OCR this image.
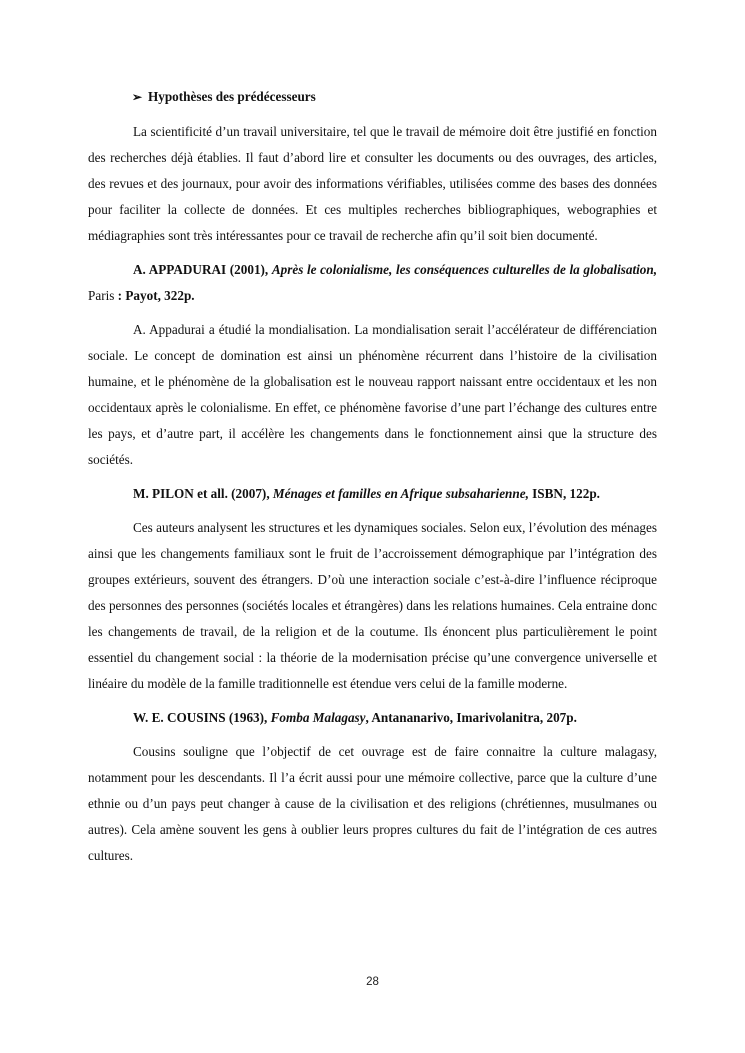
➢ Hypothèses des prédécesseurs

La scientificité d’un travail universitaire, tel que le travail de mémoire doit être justifié en fonction des recherches déjà établies. Il faut d’abord lire et consulter les documents ou des ouvrages, des articles, des revues et des journaux, pour avoir des informations vérifiables, utilisées comme des bases des données pour faciliter la collecte de données. Et ces multiples recherches bibliographiques, webographies et médiagraphies sont très intéressantes pour ce travail de recherche afin qu’il soit bien documenté.

A. APPADURAI (2001), Après le colonialisme, les conséquences culturelles de la globalisation, Paris : Payot, 322p.

A. Appadurai a étudié la mondialisation. La mondialisation serait l’accélérateur de différenciation sociale. Le concept de domination est ainsi un phénomène récurrent dans l’histoire de la civilisation humaine, et le phénomène de la globalisation est le nouveau rapport naissant entre occidentaux et les non occidentaux après le colonialisme. En effet, ce phénomène favorise d’une part l’échange des cultures entre les pays, et d’autre part, il accélère les changements dans le fonctionnement ainsi que la structure des sociétés.

M. PILON et all. (2007), Ménages et familles en Afrique subsaharienne, ISBN, 122p.

Ces auteurs analysent les structures et les dynamiques sociales. Selon eux, l’évolution des ménages ainsi que les changements familiaux sont le fruit de l’accroissement démographique par l’intégration des groupes extérieurs, souvent des étrangers. D’où une interaction sociale c’est-à-dire l’influence réciproque des personnes des personnes (sociétés locales et étrangères) dans les relations humaines. Cela entraine donc les changements de travail, de la religion et de la coutume. Ils énoncent plus particulièrement le point essentiel du changement social : la théorie de la modernisation précise qu’une convergence universelle et linéaire du modèle de la famille traditionnelle est étendue vers celui de la famille moderne.

W. E. COUSINS (1963), Fomba Malagasy, Antananarivo, Imarivolanitra, 207p.

Cousins souligne que l’objectif de cet ouvrage est de faire connaitre la culture malagasy, notamment pour les descendants. Il l’a écrit aussi pour une mémoire collective, parce que la culture d’une ethnie ou d’un pays peut changer à cause de la civilisation et des religions (chrétiennes, musulmanes ou autres). Cela amène souvent les gens à oublier leurs propres cultures du fait de l’intégration de ces autres cultures.

28
